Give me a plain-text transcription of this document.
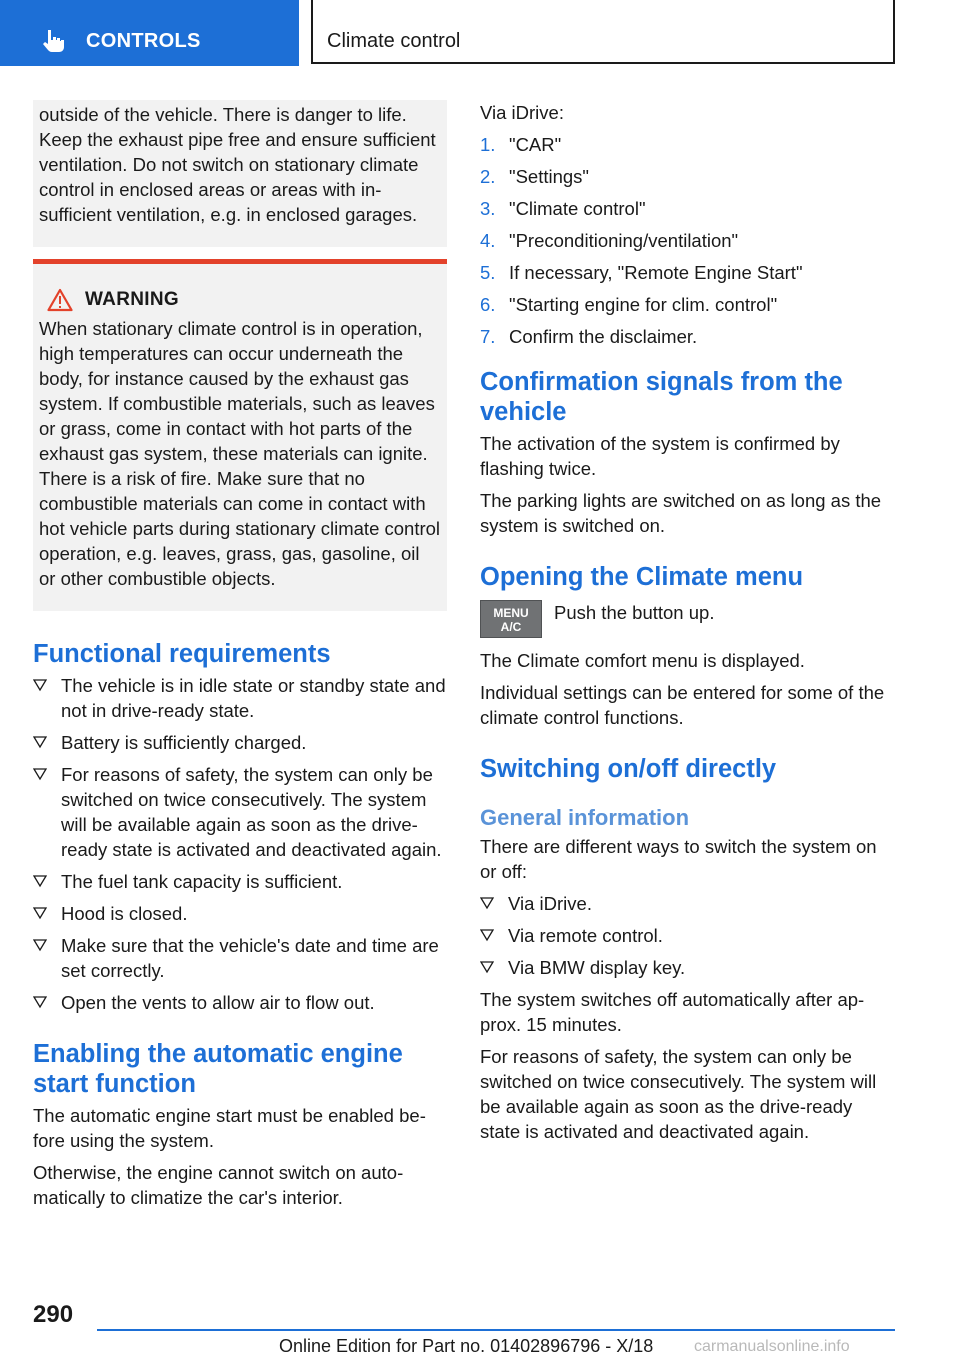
CONTROLS	Climate control

outside of the vehicle. There is danger to life. Keep the exhaust pipe free and ensure sufficient ventilation. Do not switch on stationary climate control in enclosed areas or areas with insufficient ventilation, e.g. in enclosed garages.

WARNING

When stationary climate control is in operation, high temperatures can occur underneath the body, for instance caused by the exhaust gas system. If combustible materials, such as leaves or grass, come in contact with hot parts of the exhaust gas system, these materials can ignite. There is a risk of fire. Make sure that no combustible materials can come in contact with hot vehicle parts during stationary climate control operation, e.g. leaves, grass, gas, gasoline, oil or other combustible objects.

Functional requirements
The vehicle is in idle state or standby state and not in drive-ready state.
Battery is sufficiently charged.
For reasons of safety, the system can only be switched on twice consecutively. The system will be available again as soon as the drive-ready state is activated and deactivated again.
The fuel tank capacity is sufficient.
Hood is closed.
Make sure that the vehicle's date and time are set correctly.
Open the vents to allow air to flow out.
Enabling the automatic engine start function

The automatic engine start must be enabled before using the system.

Otherwise, the engine cannot switch on automatically to climatize the car's interior.

Via iDrive:

1. "CAR"
2. "Settings"
3. "Climate control"
4. "Preconditioning/ventilation"
5. If necessary, "Remote Engine Start"
6. "Starting engine for clim. control"
7. Confirm the disclaimer.
Confirmation signals from the vehicle

The activation of the system is confirmed by flashing twice.

The parking lights are switched on as long as the system is switched on.

Opening the Climate menu
MENU
A/C

Push the button up.

The Climate comfort menu is displayed.

Individual settings can be entered for some of the climate control functions.

Switching on/off directly
General information

There are different ways to switch the system on or off:

Via iDrive.
Via remote control.
Via BMW display key.

The system switches off automatically after approx. 15 minutes.

For reasons of safety, the system can only be switched on twice consecutively. The system will be available again as soon as the drive-ready state is activated and deactivated again.

290
Online Edition for Part no. 01402896796 - X/18	carmanualsonline.info
